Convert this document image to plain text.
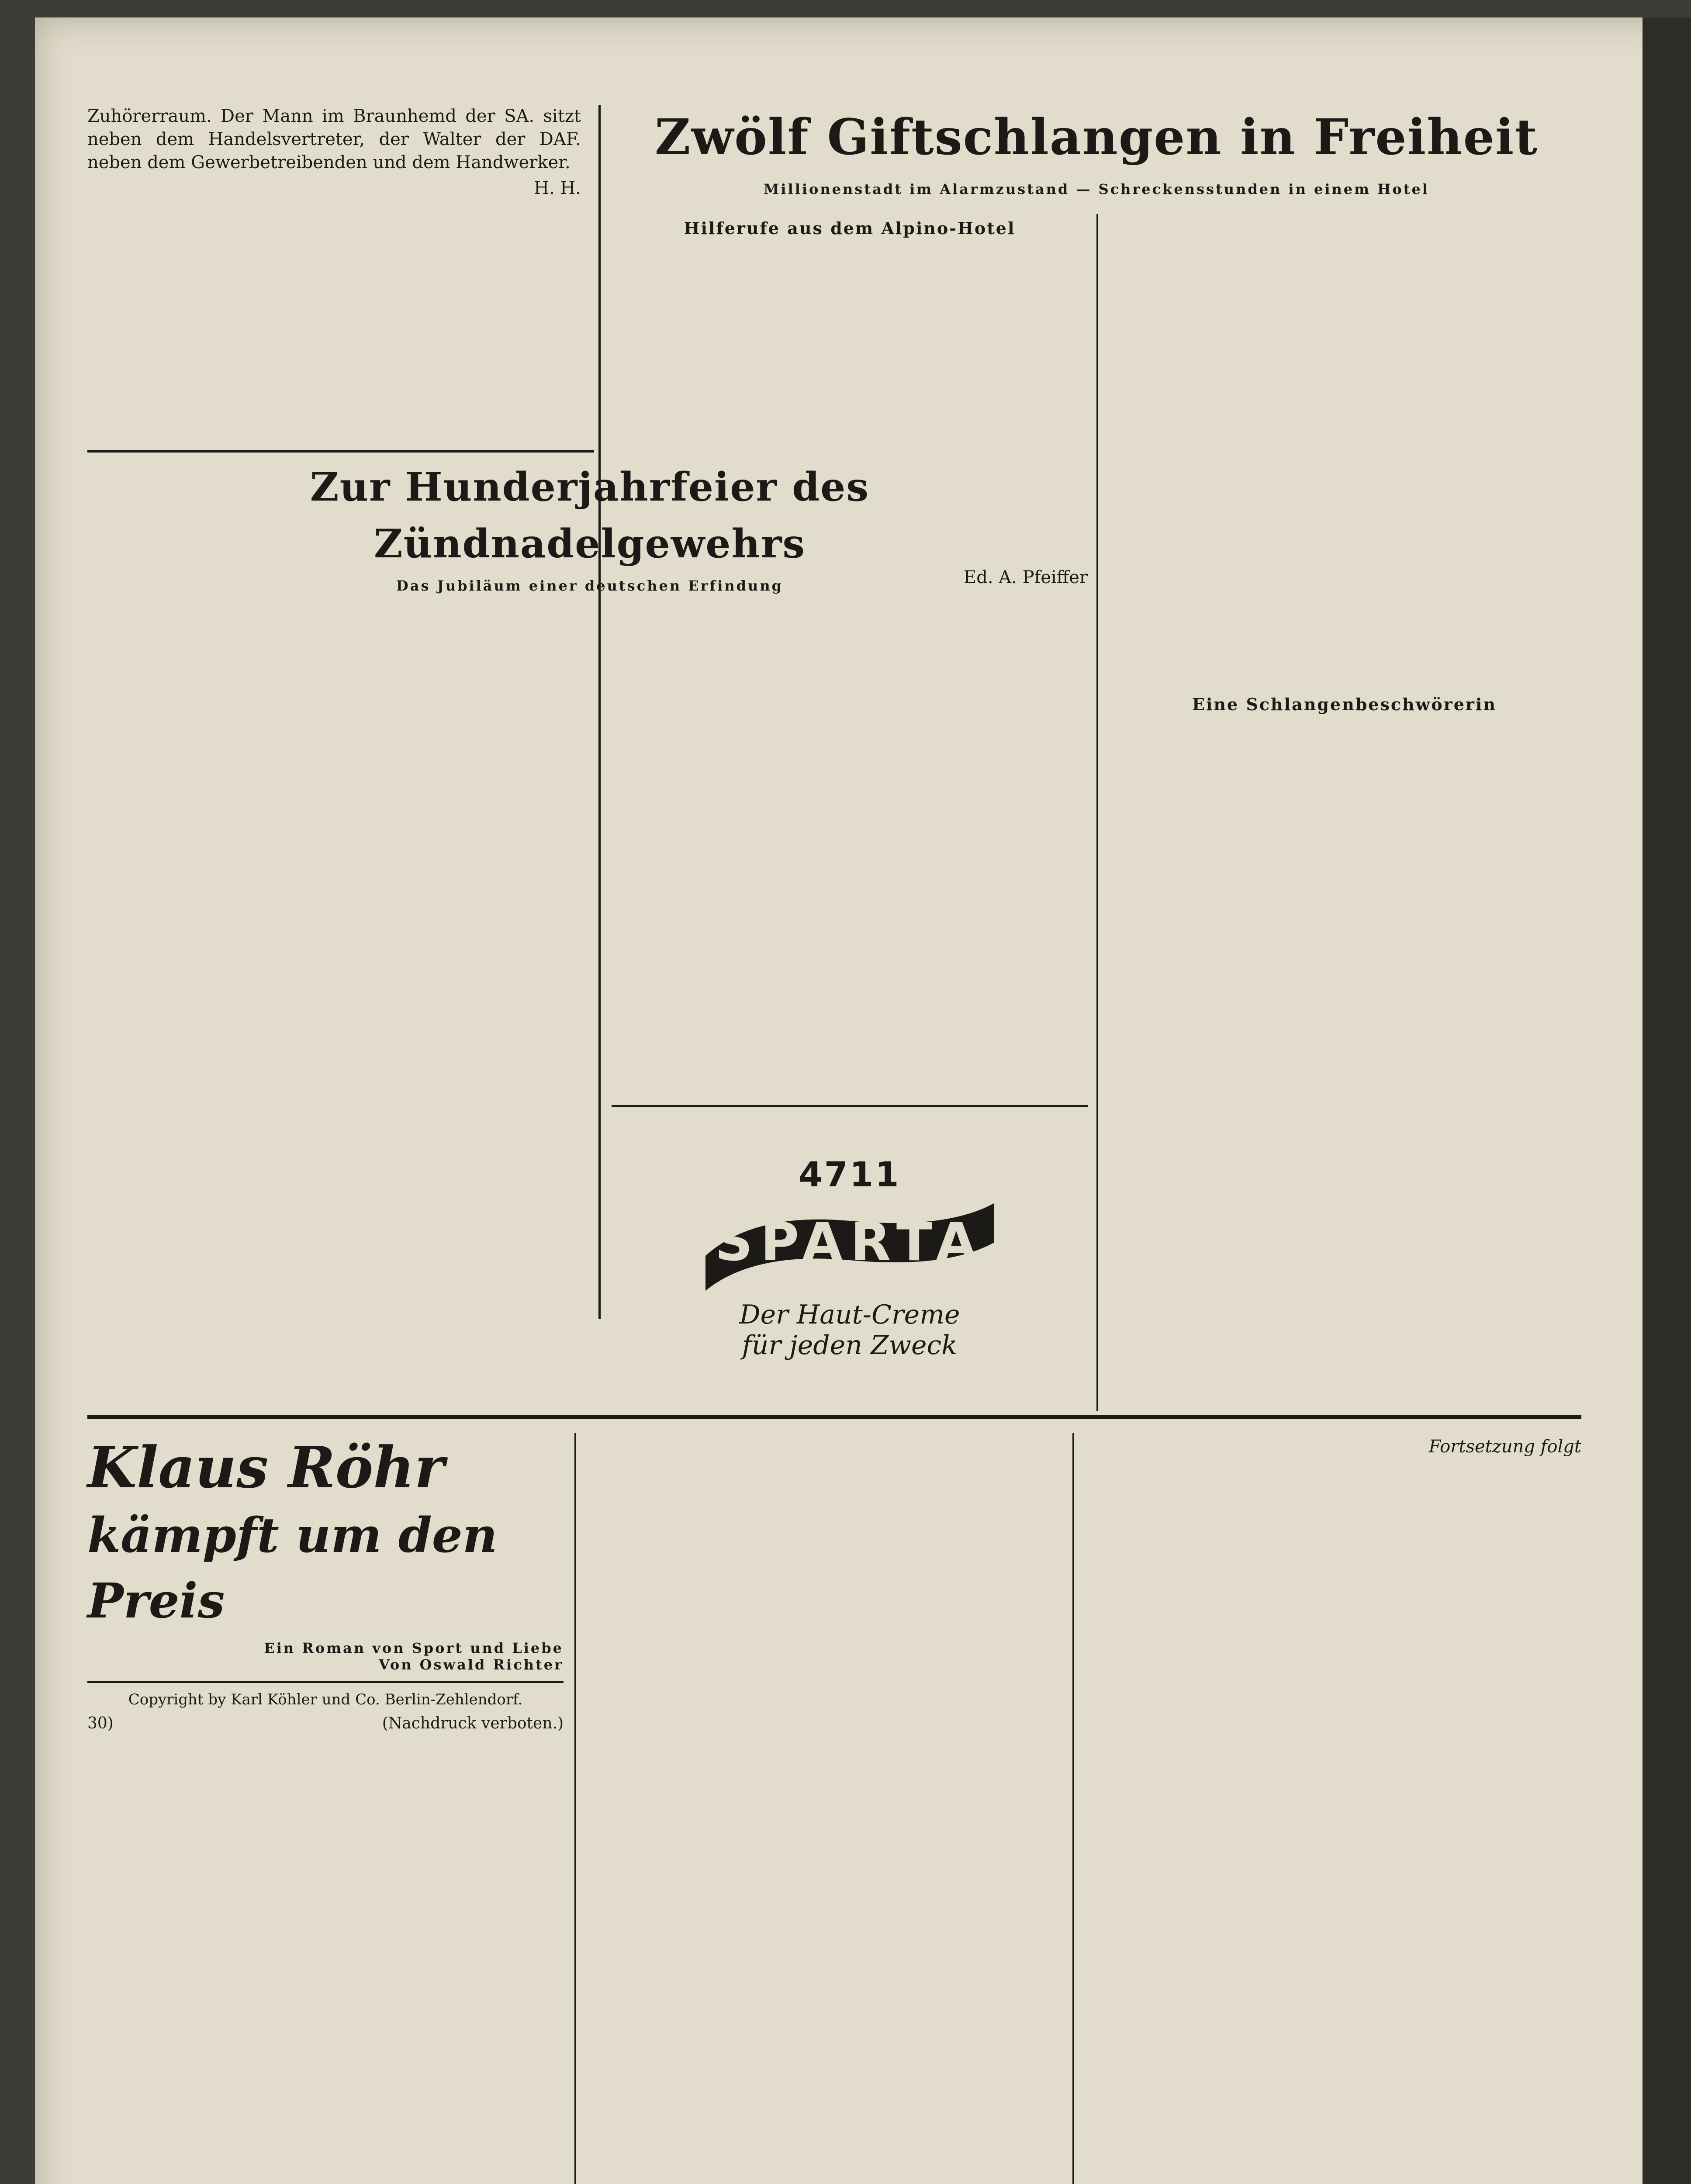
Zuhörerraum. Der Mann im Braunhemd der SA. sitzt neben dem Handelsvertreter, der Walter der DAF. neben dem Gewerbetreibenden und dem Handwerker.

H. H.
Zwölf Giftschlangen in Freiheit
Millionenstadt im Alarmzustand — Schreckensstunden in einem Hotel

Hilferufe aus dem Alpino-Hotel

Eine Schlangenbeschwörerin

Zur Hunderjahrfeier des Zündnadelgewehrs
Das Jubiläum einer deutschen Erfindung	Ed. A. Pfeiffer
4711
SPARTA
Der Haut-Creme
für jeden Zweck
Klaus Röhr
kämpft um den Preis
Ein Roman von Sport und Liebe
Von Oswald Richter
Copyright by Karl Köhler und Co. Berlin-Zehlendorf.
30)	(Nachdruck verboten.)

Fortsetzung folgt
